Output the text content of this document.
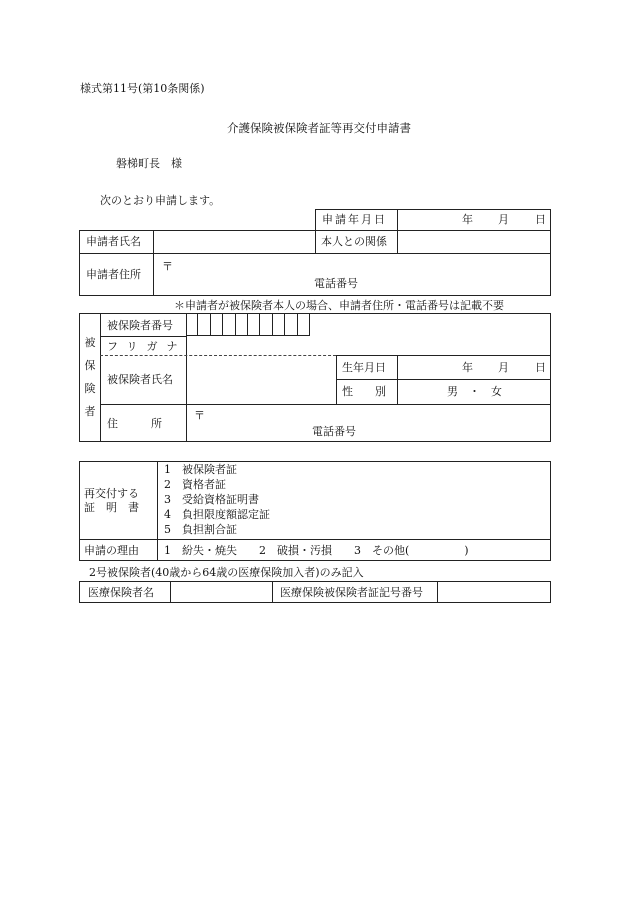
様式第11号(第10条関係)
介護保険被保険者証等再交付申請書
磐梯町長　様
次のとおり申請します。
申請年月日	年 月 日
申請者氏名	本人との関係
申請者住所
〒
電話番号
＊申請者が被保険者本人の場合、申請者住所・電話番号は記載不要
被
保
険
者
被保険者番号
フリガナ
被保険者氏名
生年月日	年 月 日
性　　別	男　・　女
住　　　所
〒
電話番号
再交付する
証　明　書
1　被保険者証
2　資格者証
3　受給資格証明書
4　負担限度額認定証
5　負担割合証
申請の理由 1　紛失・焼失　　2　破損・汚損　　3　その他(　　　　　)
2号被保険者(40歳から64歳の医療保険加入者)のみ記入
医療保険者名	医療保険被保険者証記号番号
